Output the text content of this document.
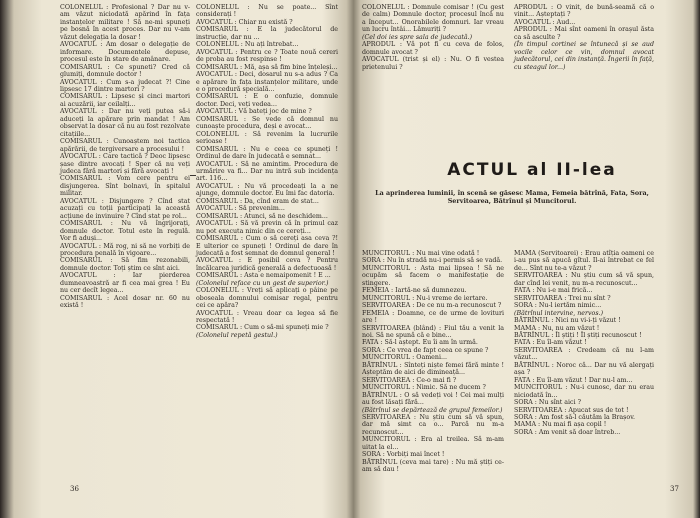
COLONELUL : Profesional ? Dar nu v-am văzut niciodată apărind în fața instanțelor militare ! Să ne-mi spuneți pe bosnă în acest proces. Dar nu v-am văzut delegația la dosar !

AVOCATUL : Am dosar o delegație de informare. Documentele depuse, procesul este în stare de amânare.

COMISARUL : Ce spuneti? Cred că glumiți, domnule doctor !

AVOCATUL : Cum s-a judecat ?! Cine lipsesc 17 dintre martori ?

COMISARUL : Lipsesc și cinci martori ai acuzării, iar ceilalți...

AVOCATUL : Dar nu veți putea să-i aduceți la apărare prin mandat ! Am observat la dosar că nu au fost rezolvate citațiile...

COMISARUL : Cunoaștem noi tactica apărării, de tergiversare a procesului !

AVOCATUL : Care tactică ? Deoc lipsesc șase dintre avocați ! Sper că nu veți judeca fără martori și fără avocați !

COMISARUL : Vom cere pentru ei disjungerea. Sînt bolnavi, în spitalul militar.

AVOCATUL : Disjungere ? Cînd stat acuzați cu toții participați la această acțiune de invinuire ? Cînd stat pe rol...

COMISARUL : Nu vă îngrijorați, domnule doctor. Totul este în regulă. Vor fi aduși...

AVOCATUL : Mă rog, ni să ne vorbiți de procedura penală în vigoare...

COMISARUL : Să fim rezonabili, domnule doctor. Toți știm ce sînt aici.

AVOCATUL : Iar pierderea dumneavoastră ar fi cea mai grea ! Eu nu cer decît legea...

COMISARUL : Acel dosar nr. 60 nu există !

COLONELUL : Nu se poate... Sînt considerați !

AVOCATUL : Chiar nu există ?

COMISARUL : E la judecătorul de instrucție, dar nu ...

COLONELUL : Nu ați întrebat...

AVOCATUL : Pentru ce ? Toate nouă cereri de proba au fost respinse !

COMISARUL : Mă, așa să fim bine înțeleși...

AVOCATUL : Deci, dosarul nu s-a adus ? Ca e apărare în fața instanțelor militare, unde e o procedură specială...

COMISARUL : E o confuzie, domnule doctor. Deci, veți vedea...

AVOCATUL : Vă bateți joc de mine ?

COMISARUL : Se vede că domnul nu cunoaște procedura, deși e avocat...

COLONELUL : Să revenim la lucrurile serioase !

COMISARUL : Nu e ceea ce spuneți ! Ordinul de dare în judecată e semnat...

AVOCATUL : Să ne amintim. Procedura de urmărire va fi... Dar nu intră sub incidența art. 116...

AVOCATUL : Nu vă procedeați la a ne ajunge, domnule doctor. Eu îmi fac datoria.

COMISARUL : Da, cînd eram de stat...

AVOCATUL : Să prevenim...

COMISARUL : Atunci, să ne deschidem...

AVOCATUL : Să vă previn că în primul caz nu pot executa nimic din ce cereți...

COMISARUL : Cum o să cereți asa ceva ?! E ulterior ce spuneți ! Ordinul de dare în judecată a fost semnat de domnul general !

AVOCATUL : E posibil ceva ? Pentru încălcarea juridică generală a defectuoasă !

COMISARUL : Asta e nemaipomenit ! E ...

(Colonelul reface cu un gest de superior.)

COLONELUL : Vreți să aplicați o pâine pe oboseala domnului comisar regal, pentru cei ce apăra?

AVOCATUL : Vreau doar ca legea să fie respectată !

COMISARUL : Cum o să-mi spuneți mie ?

(Colonelul repetă gestul.)

36

COLONELUL : Domnule comisar ! (Cu gest de calm) Domnule doctor, procesul încă nu a început... Onorabilele domnuri. Iar vreau un lucru întâi... Lămuriți ?

(Cel doi ies spre sala de judecată.)

APRODUL : Vă pot fi cu ceva de folos, domnule avocat ?

AVOCATUL (trist și el) : Nu. O fi vestea prietenului ?

APRODUL : O vinit, de bună-seamă că o vinit... Așteptați ?

AVOCATUL : Aud...

APRODUL : Mai sînt oameni în orașul ăsta ca să asculte ?

(În timpul cortinei se întunecă și se aud vocile celor ce vin, domnul avocat judecătorul, cei din instanță. Îngerii în față, cu steagul lor...)

ACTUL al II-lea
La aprinderea luminii, în scenă se găsesc Mama, Femeia bătrînă, Fata, Sora, Servitoarea, Bătrînul și Muncitorul.

MUNCITORUL : Nu mai vine odată !

SORA : Nu în stradă nu-i permis să se vadă.

MUNCITORUL : Asta mai lipsea ! Să ne ocupăm să facem o manifestație de stingere.

FEMEIA : Iartă-ne să dumnezeu.

MUNCITORUL : Nu-i vreme de iertare.

SERVITOAREA : De ce nu m-a recunoscut ?

FEMEIA : Doamne, ce de urme de lovituri are !

SERVITOAREA (blând) : Fiul tău a venit la noi. Să ne spună că e bine...

FATA : Să-l aștept. Eu îi am în urmă.

SORA : Ce vrea de fapt ceea ce spune ?

MUNCITORUL : Oameni...

BĂTRÎNUL : Sînteți niște femei fără minte ! Așteptăm de aici de dimineață...

SERVITOAREA : Ce-o mai fi ?

MUNCITORUL : Nimic. Să ne ducem ?

BĂTRÎNUL : O să vedeți voi ! Cei mai mulți au fost lăsați fără...

(Bătrînul se depărtează de grupul femeilor.)

SERVITOAREA : Nu știu cum să vă spun, dar mă simt ca o... Parcă nu m-a recunoscut...

MUNCITORUL : Era al treilea. Să m-am uitat la el...

SORA : Vorbiți mai încet !

BĂTRÎNUL (ceva mai tare) : Nu mă știți ce-am să dau !

MAMA (Servitoarei) : Erau atîția oameni ce i-au pus să apucă gîtul. Il-ai întrebat ce fel de... Sînt nu te-a văzut ?

SERVITOAREA : Nu știu cum să vă spun, dar cînd lei venit, nu m-a recunoscut...

FATA : Nu i-e mai frică...

SERVITOAREA : Trei nu sînt ?

SORA : Nu-l iertăm nimic...

(Bătrînul intervine, nervos.)

BĂTRÎNUL : Nici nu vi-i-ți văzut !

MAMA : Nu, nu am văzut !

BĂTRÎNUL : Îl știți ! Îl știți recunoscut !

FATA : Eu îl-am văzut !

SERVITOAREA : Credeam că nu l-am văzut...

BĂTRÎNUL : Noroc că... Dar nu vă alergați așa ?

FATA : Eu îl-am văzut ! Dar nu-l am...

MUNCITORUL : Nu-i cunosc, dar nu erau niciodată în...

SORA : Nu sînt aici ?

SERVITOAREA : Apucat sus de tot !

SORA : Am fost să-l căutăm la Brașov.

MAMA : Nu mai fi așa copil !

SORA : Am venit să doar întreb...

37
